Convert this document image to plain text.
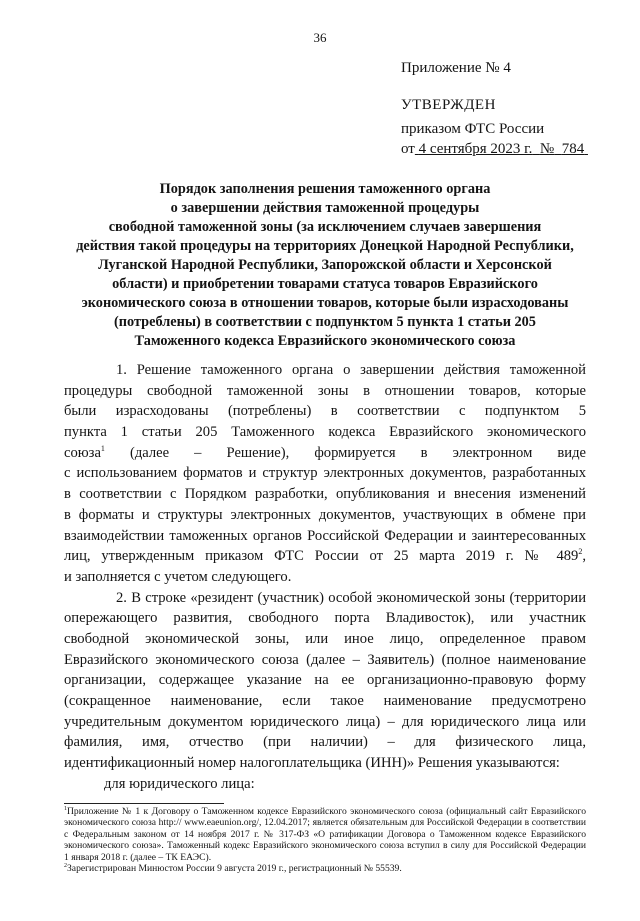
36
Приложение № 4
УТВЕРЖДЕН
приказом ФТС России
от 4 сентября 2023 г. № 784
Порядок заполнения решения таможенного органа
о завершении действия таможенной процедуры
свободной таможенной зоны (за исключением случаев завершения
действия такой процедуры на территориях Донецкой Народной Республики,
Луганской Народной Республики, Запорожской области и Херсонской
области) и приобретении товарами статуса товаров Евразийского
экономического союза в отношении товаров, которые были израсходованы
(потреблены) в соответствии с подпунктом 5 пункта 1 статьи 205
Таможенного кодекса Евразийского экономического союза
1. Решение таможенного органа о завершении действия таможенной
процедуры свободной таможенной зоны в отношении товаров, которые
были израсходованы (потреблены) в соответствии с подпунктом 5
пункта 1 статьи 205 Таможенного кодекса Евразийского экономического
союза$^1$ (далее – Решение), формируется в электронном виде
с использованием форматов и структур электронных документов, разработанных
в соответствии с Порядком разработки, опубликования и внесения изменений
в форматы и структуры электронных документов, участвующих в обмене при
взаимодействии таможенных органов Российской Федерации и заинтересованных
лиц, утвержденным приказом ФТС России от 25 марта 2019 г. № $489^2$,
и заполняется с учетом следующего.
2. В строке «резидент (участник) особой экономической зоны (территории
опережающего развития, свободного порта Владивосток), или участник
свободной экономической зоны, или иное лицо, определенное правом
Евразийского экономического союза (далее – Заявитель) (полное наименование
организации, содержащее указание на ее организационно-правовую форму
(сокращенное наименование, если такое наименование предусмотрено
учредительным документом юридического лица) – для юридического лица или
фамилия, имя, отчество (при наличии) – для физического лица,
идентификационный номер налогоплательщика (ИНН)» Решения указываются:
для юридического лица:
$^1$Приложение № 1 к Договору о Таможенном кодексе Евразийского экономического союза (официальный сайт Евразийского
экономического союза http:// www.eaeunion.org/, 12.04.2017; является обязательным для Российской Федерации в соответствии
с Федеральным законом от 14 ноября 2017 г. № 317-ФЗ «О ратификации Договора о Таможенном кодексе Евразийского
экономического союза». Таможенный кодекс Евразийского экономического союза вступил в силу для Российской Федерации
1 января 2018 г. (далее – ТК ЕАЭС).
$^2$Зарегистрирован Минюстом России 9 августа 2019 г., регистрационный № 55539.
